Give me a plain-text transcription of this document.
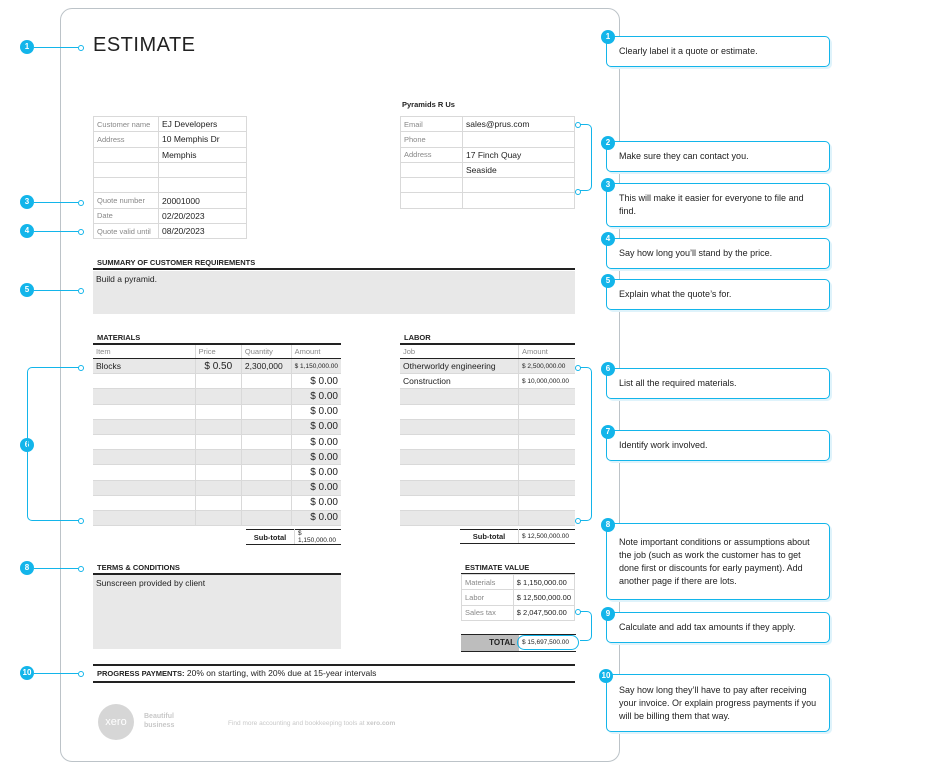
ESTIMATE
Customer name	EJ Developers
Address	10 Memphis Dr
	Memphis

Quote number	20001000
Date	02/20/2023
Quote valid until	08/20/2023
Pyramids R Us
Email	sales@prus.com
Phone	
Address	17 Finch Quay
	Seaside

SUMMARY OF CUSTOMER REQUIREMENTS
Build a pyramid.
MATERIALS
Item	Price	Quantity	Amount
Blocks	$ 0.50	2,300,000	$ 1,150,000.00
			$ 0.00
			$ 0.00
			$ 0.00
			$ 0.00
			$ 0.00
			$ 0.00
			$ 0.00
			$ 0.00
			$ 0.00
			$ 0.00
Sub-total	$ 1,150,000.00
LABOR
Job	Amount
Otherworldy engineering	$ 2,500,000.00
Construction	$ 10,000,000.00

Sub-total	$ 12,500,000.00
TERMS & CONDITIONS
Sunscreen provided by client
ESTIMATE VALUE
Materials	$ 1,150,000.00
Labor	$ 12,500,000.00
Sales tax	$ 2,047,500.00

TOTAL	$ 15,697,500.00
PROGRESS PAYMENTS: 20% on starting, with 20% due at 15-year intervals
xero	Beautiful
business	Find more accounting and bookkeeping tools at xero.com
1
3
4
5
6
8
10
Clearly label it a quote or estimate.
1
Make sure they can contact you.
2
This will make it easier for everyone to file and find.
3
Say how long you’ll stand by the price.
4
Explain what the quote’s for.
5
List all the required materials.
6
Identify work involved.
7
Note important conditions or assumptions about the job (such as work the customer has to get done first or discounts for early payment). Add another page if there are lots.
8
Calculate and add tax amounts if they apply.
9
Say how long they’ll have to pay after receiving your invoice. Or explain progress payments if you will be billing them that way.
10
